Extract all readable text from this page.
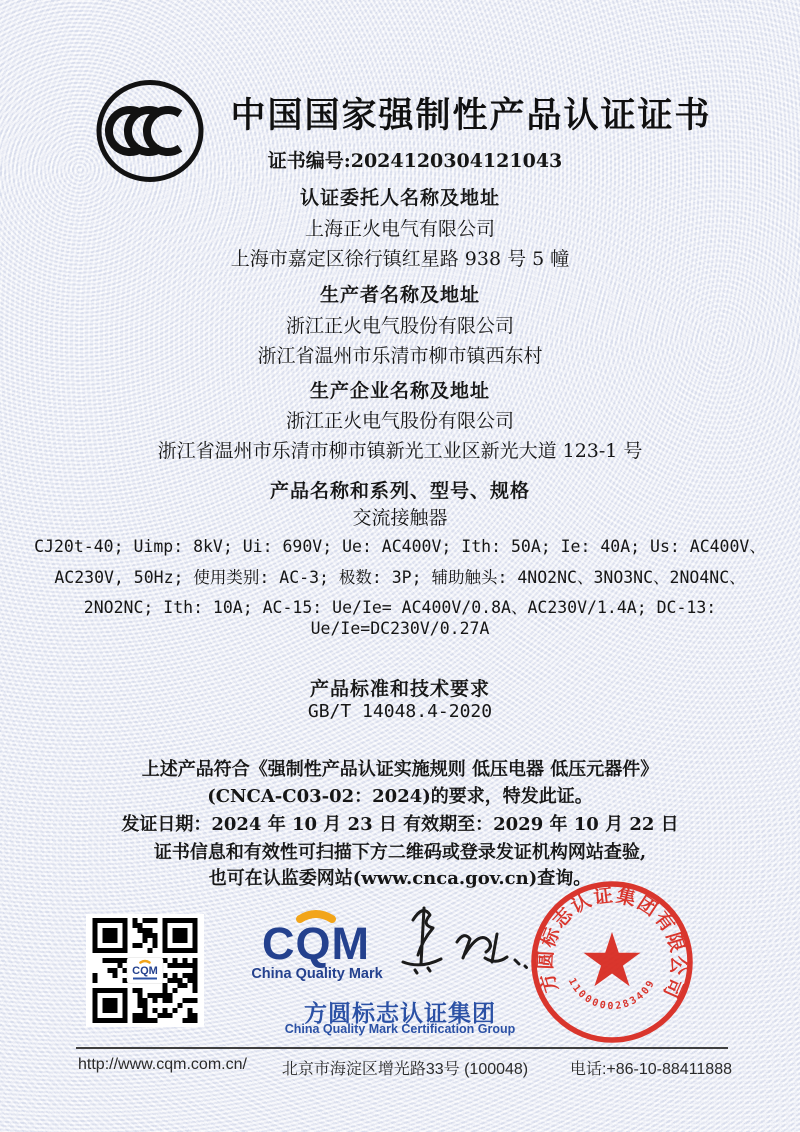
中国国家强制性产品认证证书
证书编号:2024120304121043
认证委托人名称及地址
上海正火电气有限公司
上海市嘉定区徐行镇红星路 938 号 5 幢
生产者名称及地址
浙江正火电气股份有限公司
浙江省温州市乐清市柳市镇西东村
生产企业名称及地址
浙江正火电气股份有限公司
浙江省温州市乐清市柳市镇新光工业区新光大道 123-1 号
产品名称和系列、型号、规格
交流接触器
CJ20t-40; Uimp: 8kV; Ui: 690V; Ue: AC400V; Ith: 50A; Ie: 40A; Us: AC400V、
AC230V, 50Hz; 使用类别: AC-3; 极数: 3P; 辅助触头: 4NO2NC、3NO3NC、2NO4NC、
2NO2NC; Ith: 10A; AC-15: Ue/Ie= AC400V/0.8A、AC230V/1.4A; DC-13:
Ue/Ie=DC230V/0.27A
产品标准和技术要求
GB/T 14048.4-2020
上述产品符合《强制性产品认证实施规则 低压电器 低压元器件》
(CNCA-C03-02：2024)的要求，特发此证。
发证日期：2024 年 10 月 23 日 有效期至：2029 年 10 月 22 日
证书信息和有效性可扫描下方二维码或登录发证机构网站查验,
也可在认监委网站(www.cnca.gov.cn)查询。
CQM
CQM
China Quality Mark
方圆标志认证集团
China Quality Mark Certification Group
方圆标志认证集团有限公司
1100000283409
http://www.cqm.com.cn/	北京市海淀区增光路33号 (100048)	电话:+86-10-88411888
